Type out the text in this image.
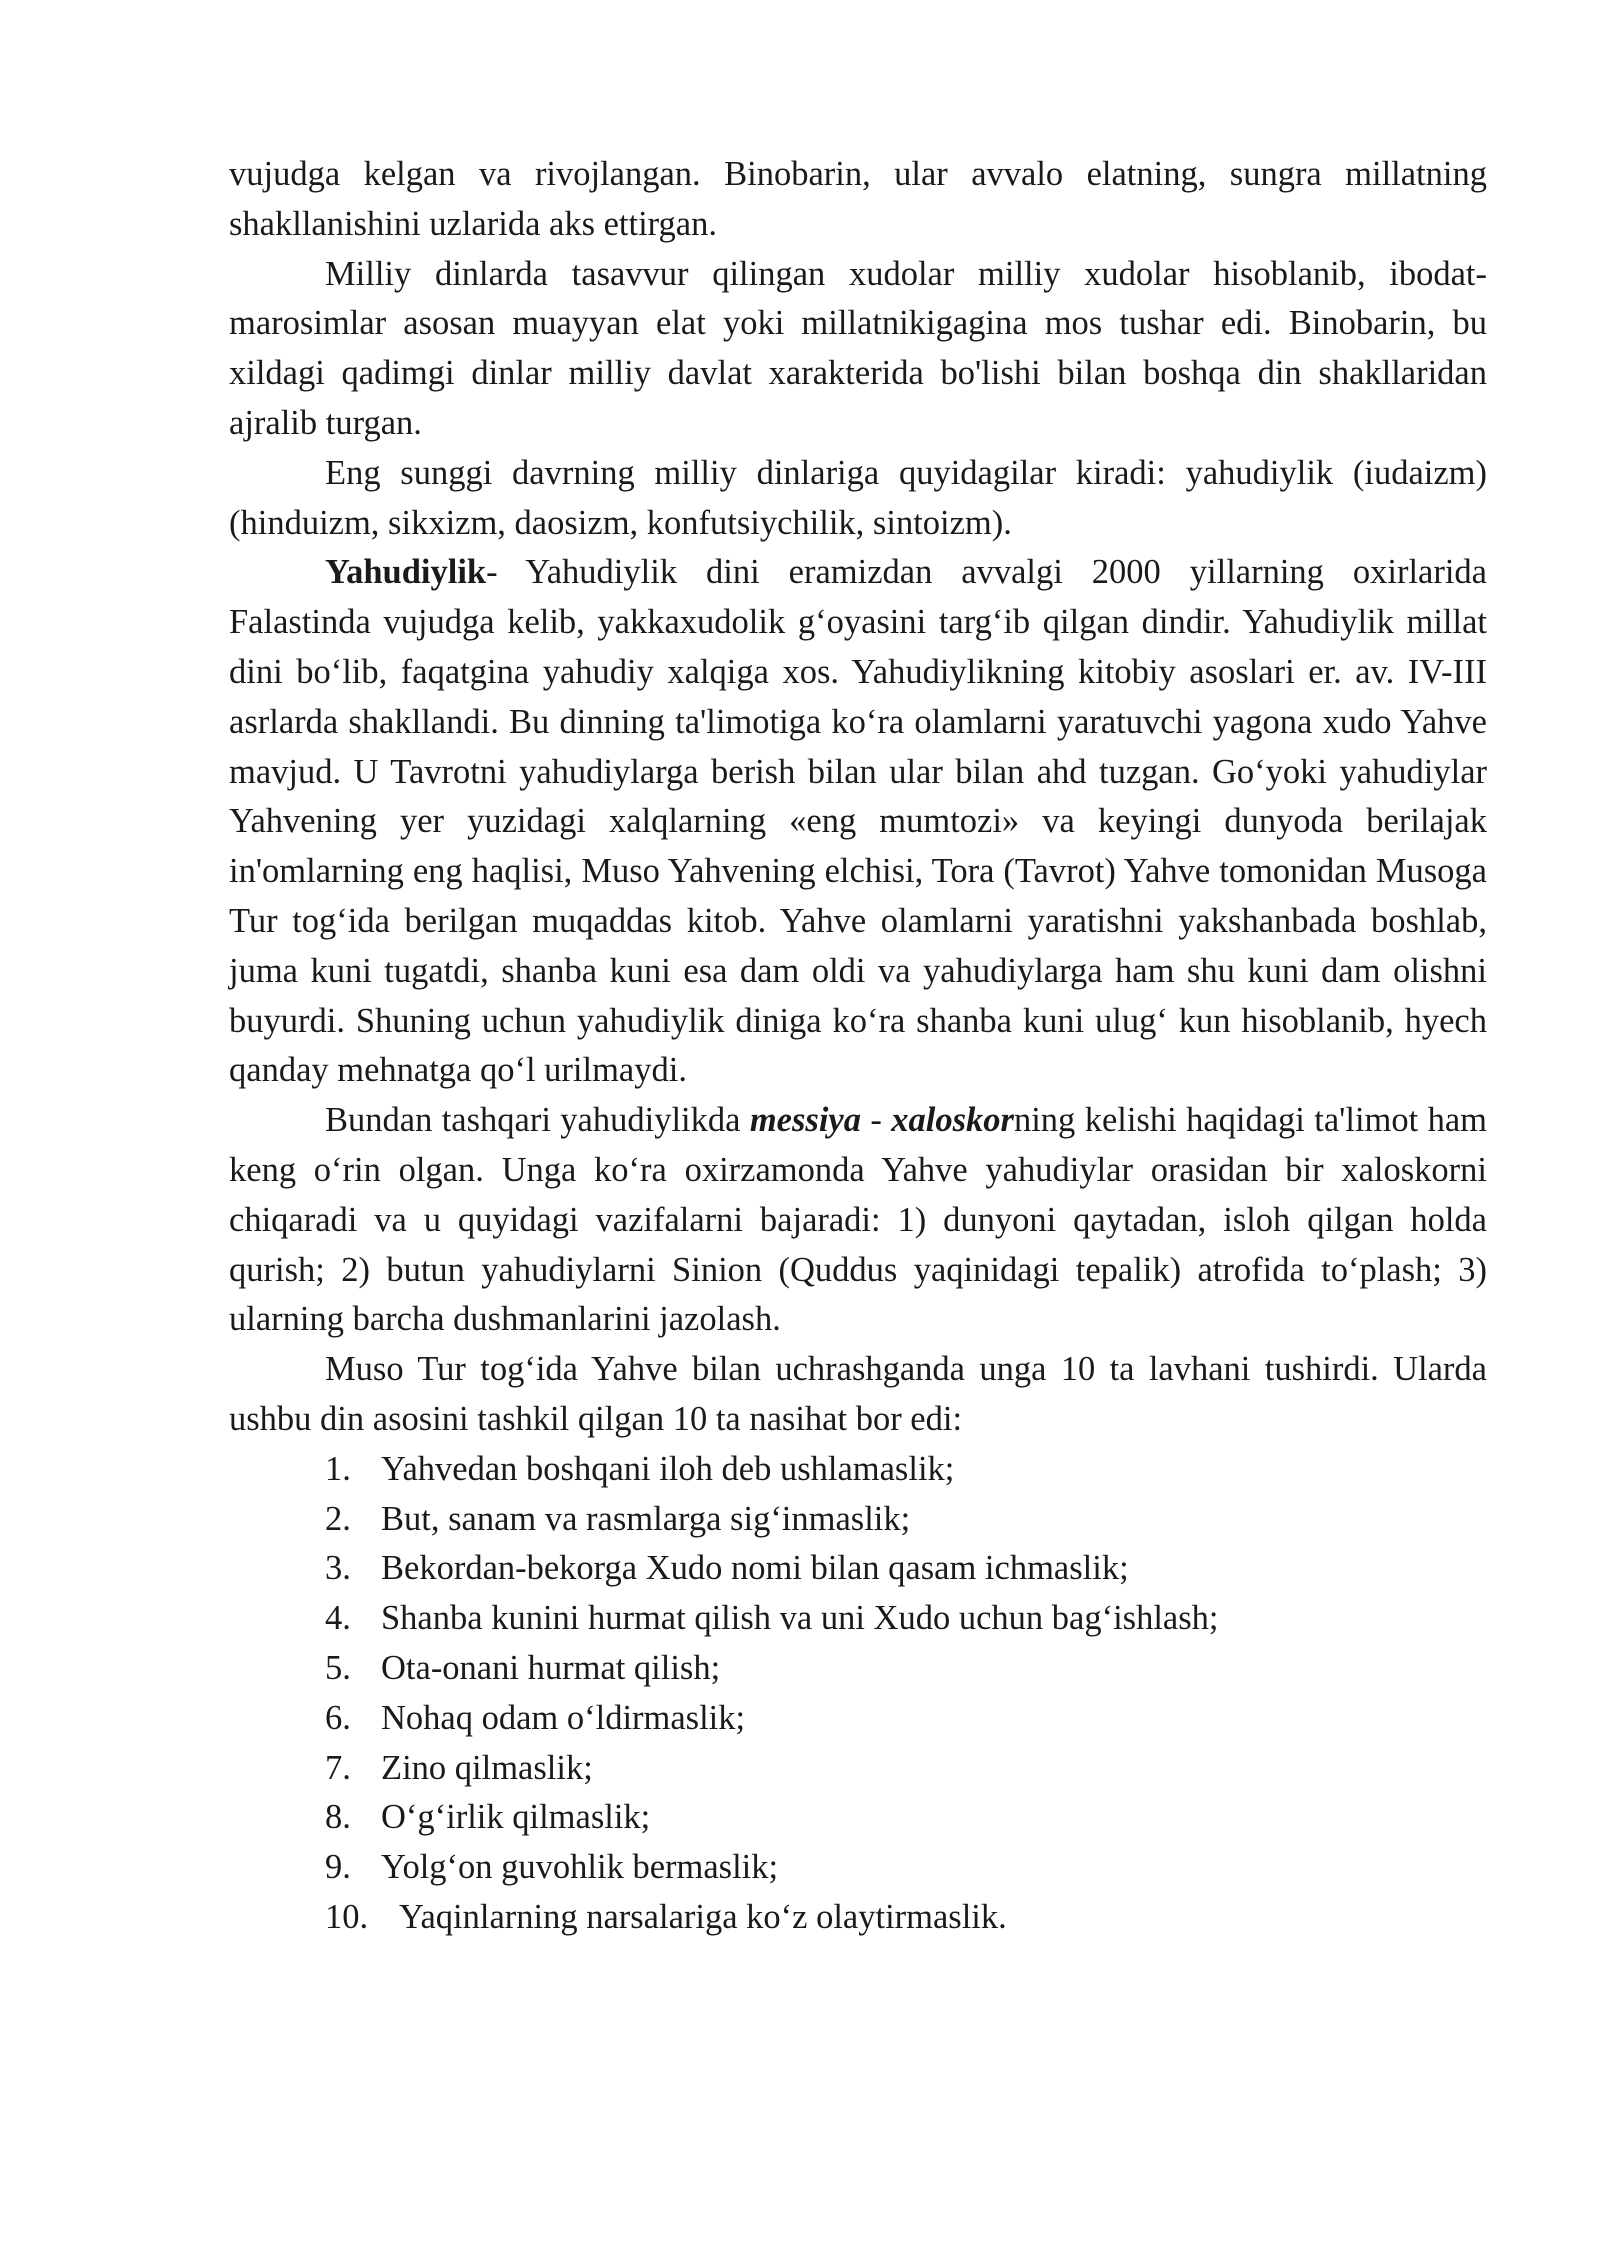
vujudga kelgan va rivojlangan. Binobarin, ular avvalo elatning, sungra millatning shakllanishini uzlarida aks ettirgan.

Milliy dinlarda tasavvur qilingan xudolar milliy xudolar hisoblanib, ibodat-marosimlar asosan muayyan elat yoki millatnikigagina mos tushar edi. Binobarin, bu xildagi qadimgi dinlar milliy davlat xarakterida bo'lishi bilan boshqa din shakllaridan ajralib turgan.

Eng sunggi davrning milliy dinlariga quyidagilar kiradi: yahudiylik (iudaizm) (hinduizm, sikxizm, daosizm, konfutsiychilik, sintoizm).

Yahudiylik- Yahudiylik dini eramizdan avvalgi 2000 yillarning oxirlarida Falastinda vujudga kelib, yakkaxudolik g‘oyasini targ‘ib qilgan dindir. Yahudiylik millat dini bo‘lib, faqatgina yahudiy xalqiga xos. Yahudiylikning kitobiy asoslari er. av. IV-III asrlarda shakllandi. Bu dinning ta'limotiga ko‘ra olamlarni yaratuvchi yagona xudo Yahve mavjud. U Tavrotni yahudiylarga berish bilan ular bilan ahd tuzgan. Go‘yoki yahudiylar Yahvening yer yuzidagi xalqlarning «eng mumtozi» va keyingi dunyoda berilajak in'omlarning eng haqlisi, Muso Yahvening elchisi, Tora (Tavrot) Yahve tomonidan Musoga Tur tog‘ida berilgan muqaddas kitob. Yahve olamlarni yaratishni yakshanbada boshlab, juma kuni tugatdi, shanba kuni esa dam oldi va yahudiylarga ham shu kuni dam olishni buyurdi. Shuning uchun yahudiylik diniga ko‘ra shanba kuni ulug‘ kun hisoblanib, hyech qanday mehnatga qo‘l urilmaydi.

Bundan tashqari yahudiylikda messiya - xaloskorning kelishi haqidagi ta'limot ham keng o‘rin olgan. Unga ko‘ra oxirzamonda Yahve yahudiylar orasidan bir xaloskorni chiqaradi va u quyidagi vazifalarni bajaradi: 1) dunyoni qaytadan, isloh qilgan holda qurish; 2) butun yahudiylarni Sinion (Quddus yaqinidagi tepalik) atrofida to‘plash; 3) ularning barcha dushmanlarini jazolash.

Muso Tur tog‘ida Yahve bilan uchrashganda unga 10 ta lavhani tushirdi. Ularda ushbu din asosini tashkil qilgan 10 ta nasihat bor edi:

1. Yahvedan boshqani iloh deb ushlamaslik;
2. But, sanam va rasmlarga sig‘inmaslik;
3. Bekordan-bekorga Xudo nomi bilan qasam ichmaslik;
4. Shanba kunini hurmat qilish va uni Xudo uchun bag‘ishlash;
5. Ota-onani hurmat qilish;
6. Nohaq odam o‘ldirmaslik;
7. Zino qilmaslik;
8. O‘g‘irlik qilmaslik;
9. Yolg‘on guvohlik bermaslik;
10. Yaqinlarning narsalariga ko‘z olaytirmaslik.
